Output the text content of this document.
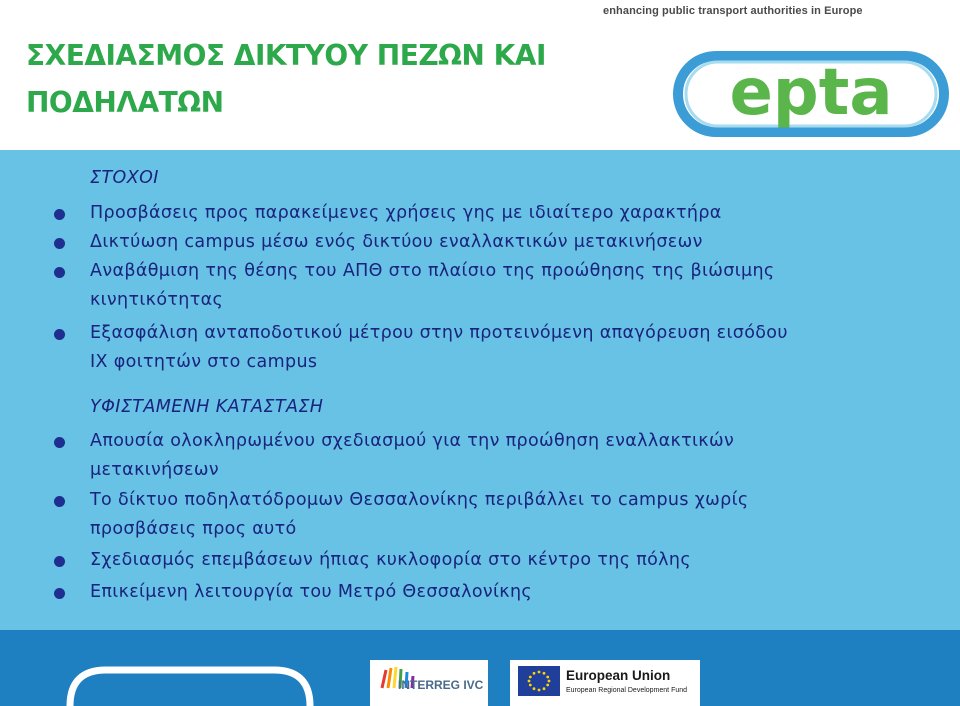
ΣΧΕΔΙΑΣΜΟΣ ΔΙΚΤΥΟΥ ΠΕΖΩΝ ΚΑΙ
ΠΟΔΗΛΑΤΩΝ
enhancing public transport authorities in Europe
epta
ΣΤΟΧΟΙ
Προσβάσεις προς παρακείμενες χρήσεις γης με ιδιαίτερο χαρακτήρα
Δικτύωση campus μέσω ενός δικτύου εναλλακτικών μετακινήσεων
Αναβάθμιση της θέσης του ΑΠΘ στο πλαίσιο της προώθησης της βιώσιμης
κινητικότητας
Εξασφάλιση ανταποδοτικού μέτρου στην προτεινόμενη απαγόρευση εισόδου
ΙΧ φοιτητών στο campus
ΥΦΙΣΤΑΜΕΝΗ ΚΑΤΑΣΤΑΣΗ
Απουσία ολοκληρωμένου σχεδιασμού για την προώθηση εναλλακτικών
μετακινήσεων
Το δίκτυο ποδηλατόδρομων Θεσσαλονίκης περιβάλλει το campus χωρίς
προσβάσεις προς αυτό
Σχεδιασμός επεμβάσεων ήπιας κυκλοφορία στο κέντρο της πόλης
Επικείμενη λειτουργία του Μετρό Θεσσαλονίκης
INTERREG IVC
European Union
European Regional Development Fund
